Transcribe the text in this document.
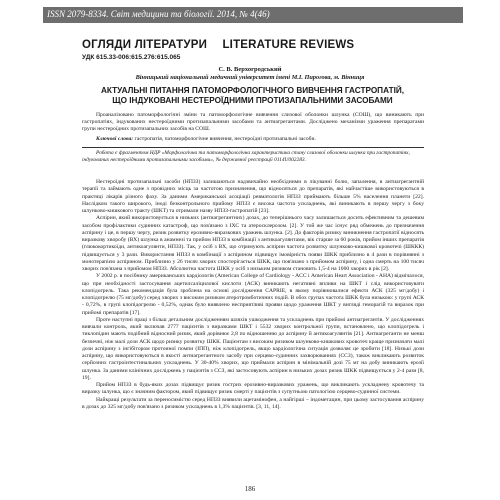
ISSN 2079-8334. Світ медицини та біології. 2014, № 4(46)
ОГЛЯДИ ЛІТЕРАТУРИ LITERATURE REVIEWS
УДК 615.33-006:615.276:615.065
С. В. Верхогродський
Вінницький національний медичний університет імені М.І. Пирогова, м. Вінниця
АКТУАЛЬНІ ПИТАННЯ ПАТОМОРФОЛОГІЧНОГО ВИВЧЕННЯ ГАСТРОПАТІЙ, ЩО ІНДУКОВАНІ НЕСТЕРОЇДНИМИ ПРОТИЗАПАЛЬНИМИ ЗАСОБАМИ
Проаналізовано патоморфологічні зміни та патоморфологічне вивчення слизової оболонки шлунка (СОШ), що виникають при гастропатіях, індукованих нестероїдними протизапальними засобами та антиагрегантами. Досліджено механізми ураження препаратами групи нестероїдних протизапальних засобів на СОШ.
Ключові слова: гастропатія, патоморфологічне вивчення, нестероїдні протизапальні засоби.
Робота є фрагментом НДР «Морфологічна та патоморфологічна характеристика стану слизової оболонки шлунка при гастропатіях, індукованих нестероїдними протизапальними засобами», № державної реєстрації 0114U002283.

Нестероїдні протизапальні засоби (НПЗЗ) залишаються надзвичайно необхідними в лікуванні болю, запалення, в антиагрегантній терапії та займають одне з провідних місць за частотою призначення, що відносяться до препаратів, які найчастіше використовуються в практиці лікарів різного фаху. За даними Американської асоціації ревматологів НПЗЗ приймають більше 5% населення планети [22]. Наслідком такого широкого, іноді безконтрольного прийому НПЗЗ є висока частота ускладнень, які виникають в першу чергу з боку шлунково-кишкового тракту (ШКТ) та отримали назву НПЗЗ-гастропатій [23].

Аспірин, який використовується в низьких (антиагрегантних) дозах, до теперішнього часу залишається досить ефективним та дешевим засобом профілактики судинних катастроф, що пов'язано з ІХС та атеросклерозом. [2]. У той же час існує ряд обмежень до призначення аспірину і це, в першу чергу, ризик розвитку ерозивно-виразкових уражень шлунка. [2]. До факторів ризику виникнення гастропатії відносять виразкову хворобу (ВХ) шлунка в анамнезі та прийом НПЗЗ в комбінації з антикоагулянтами, вік старше за 60 років, прийом інших препаратів (глюкокортикоїди, антикоагулянти, НПЗЗ). Так, у осіб з ВХ, що отримують аспірин частота розвитку шлунково-кишкової кровотечі (ШККК) підвищується у 3 рази. Використання НПЗЗ в комбінації з аспірином підвищує імовірність появи ШКК приблизно в 4 рази в порівнянні з монотерапією аспірином. Приблизно у 26 тисяч хворих спостерігається ШКК, що пов'язано з прийомом аспірину, і одна смерть на 100 тисяч хворих пов'язана з прийомом НПЗЗ. Абсолютна частота ШКК у осіб з низьким ризиком становить 1,5-4 на 1000 хворих в рік [2].

У 2002 р. в посібнику американських кардіологів (American College of Cardiology - ACC і American Heart Association - AHA) відмічалося, що при необхідності застосування ацетилсаліцилової кислоти (АСК) виникають негативні впливи на ШКТ і слід використовувати клопідогрель. Така рекомендація була зроблена на основі дослідження CAPRIE, в якому порівнювалися ефекти АСК (325 мг/добу) і клопідогрелю (75 мг/добу) серед хворих з високим ризиком атеротромботичних подій. В обох групах частота ШКК була низькою: у групі АСК - 0,72%, в групі клопідогрелю - 0,52%, однак було виявлено несприятливі прояви щодо ураження ШКТ у вигляді геморагій та виразок при прийомі препаратів [17].

Проте наступні праці з більш детальним дослідженням шляхів ушкодження та ускладнень при прийомі антиагрегантів. У дослідженнях вивчали контроль, який включав 2777 пацієнтів з виразками ШКТ і 5532 хворих контрольної групи, встановлено, що клопідогрель і тиклопідин мають подібний відносний ризик, який дорівнює 2,8 по відношенню до аспірину й антикоагулянтів [21]. Антиагреганти не менш безпечні, ніж малі дози АСК щодо ризику розвитку ШКК. Пацієнтам з високим ризиком шлунково-кишкових кровотеч краще призначати малі дози аспірину з інгібітором протонної помпи (ІПП), ніж клопідогрель, якщо кардіологічна ситуація дозволяє це зробити [18]. Низькі дози аспірину, що використовуються в якості антиагрегантного засобу при серцево-судинних захворюваннях (ССЗ), також викликають розвиток серйозних гастроінтестинальних ускладнень. У 30-40% хворих, що приймали аспірин в мінімальній дозі 75 мг на добу виникають ерозії шлунка. За даними клінічних досліджень у пацієнтів з ССЗ, які застосовують аспірин в низьких дозах ризик ШКК підвищується у 2-4 рази [8, 19].

Прийом НПЗЗ в будь-яких дозах підвищує ризик гострих ерозивно-виразкових уражень, що викликають ускладнену кровотечу та виразку шлунка, що є значним фактором, який підвищує ризик смерті у пацієнтів з супутньою патологією серцево-судинної системи.

Найкращі результати за переносимістю серед НПЗЗ виявили ацетамінофен, а найгірші – індометацин, при цьому застосування аспірину в дозах до 325 мг/добу пов'язано з ризиком ускладнень в 1,3% пацієнтів. [3, 11, 14].

186
